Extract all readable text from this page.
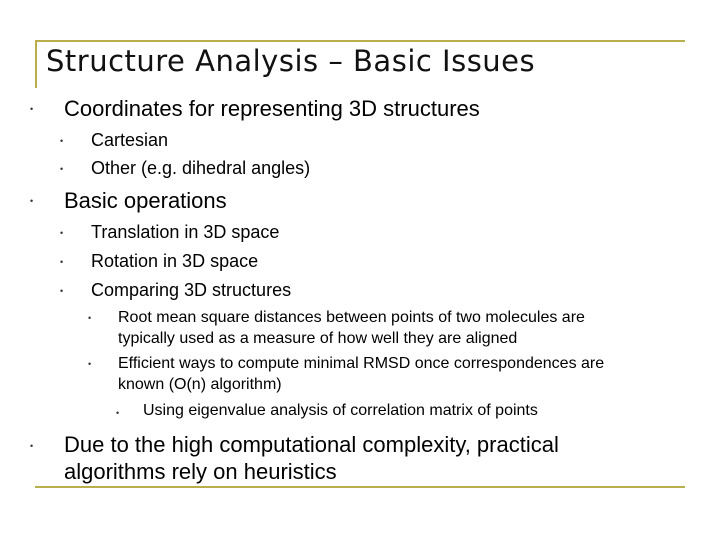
Structure Analysis – Basic Issues
• Coordinates for representing 3D structures
• Cartesian
• Other (e.g. dihedral angles)
• Basic operations
• Translation in 3D space
• Rotation in 3D space
• Comparing 3D structures
• Root mean square distances between points of two molecules are
typically used as a measure of how well they are aligned
• Efficient ways to compute minimal RMSD once correspondences are
known (O(n) algorithm)
• Using eigenvalue analysis of correlation matrix of points
• Due to the high computational complexity, practical
algorithms rely on heuristics
